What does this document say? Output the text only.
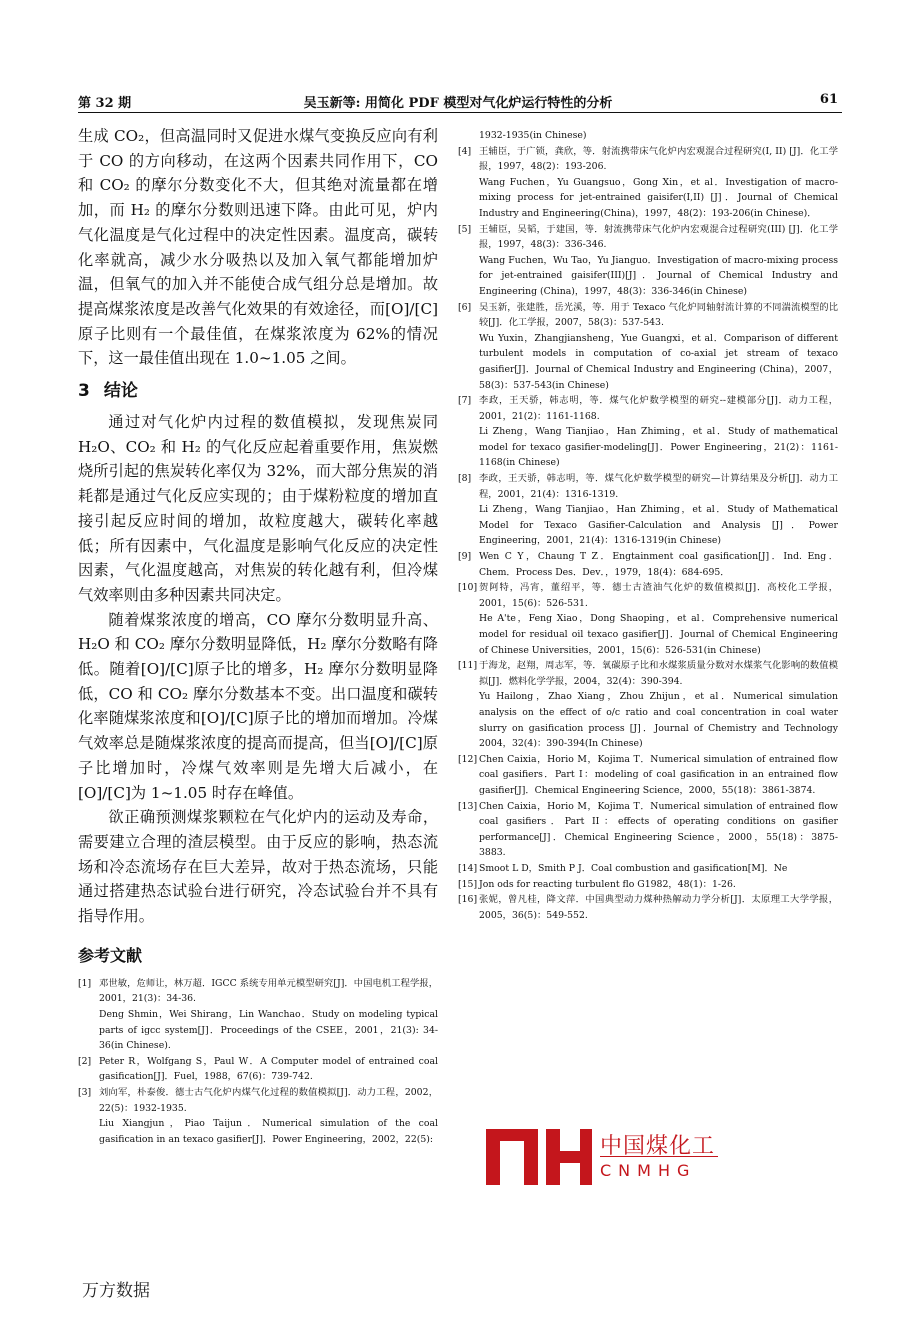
第 32 期	吴玉新等: 用简化 PDF 模型对气化炉运行特性的分析	61

生成 CO₂，但高温同时又促进水煤气变换反应向有利于 CO 的方向移动，在这两个因素共同作用下，CO 和 CO₂ 的摩尔分数变化不大，但其绝对流量都在增加，而 H₂ 的摩尔分数则迅速下降。由此可见，炉内气化温度是气化过程中的决定性因素。温度高，碳转化率就高，减少水分吸热以及加入氧气都能增加炉温，但氧气的加入并不能使合成气组分总是增加。故提高煤浆浓度是改善气化效果的有效途径，而[O]/[C]原子比则有一个最佳值，在煤浆浓度为 62%的情况下，这一最佳值出现在 1.0~1.05 之间。

3 结论

通过对气化炉内过程的数值模拟，发现焦炭同 H₂O、CO₂ 和 H₂ 的气化反应起着重要作用，焦炭燃烧所引起的焦炭转化率仅为 32%，而大部分焦炭的消耗都是通过气化反应实现的；由于煤粉粒度的增加直接引起反应时间的增加，故粒度越大，碳转化率越低；所有因素中，气化温度是影响气化反应的决定性因素，气化温度越高，对焦炭的转化越有利，但冷煤气效率则由多种因素共同决定。

随着煤浆浓度的增高，CO 摩尔分数明显升高、H₂O 和 CO₂ 摩尔分数明显降低，H₂ 摩尔分数略有降低。随着[O]/[C]原子比的增多，H₂ 摩尔分数明显降低，CO 和 CO₂ 摩尔分数基本不变。出口温度和碳转化率随煤浆浓度和[O]/[C]原子比的增加而增加。冷煤气效率总是随煤浆浓度的提高而提高，但当[O]/[C]原子比增加时，冷煤气效率则是先增大后减小，在 [O]/[C]为 1~1.05 时存在峰值。

欲正确预测煤浆颗粒在气化炉内的运动及寿命，需要建立合理的渣层模型。由于反应的影响，热态流场和冷态流场存在巨大差异，故对于热态流场，只能通过搭建热态试验台进行研究，冷态试验台并不具有指导作用。

参考文献
[1] 邓世敏，危师让，林万超．IGCC 系统专用单元模型研究[J]．中国电机工程学报，2001，21(3)：34-36.
Deng Shmin，Wei Shirang，Lin Wanchao．Study on modeling typical parts of igcc system[J]．Proceedings of the CSEE，2001，21(3): 34-36(in Chinese).
[2] Peter R，Wolfgang S，Paul W．A Computer model of entrained coal gasification[J]．Fuel，1988，67(6)：739-742.
[3] 刘向军，朴泰俊．德士古气化炉内煤气化过程的数值模拟[J]．动力工程，2002，22(5)：1932-1935.
Liu Xiangjun，Piao Taijun．Numerical simulation of the coal gasification in an texaco gasifier[J]．Power Engineering，2002，22(5):
1932-1935(in Chinese)
[4] 王辅臣，于广锁，龚欣，等．射流携带床气化炉内宏观混合过程研究(I, II) [J]．化工学报，1997，48(2)：193-206.
Wang Fuchen，Yu Guangsuo，Gong Xin，et al．Investigation of macro-mixing process for jet-entrained gaisifer(I,II) [J]．Journal of Chemical Industry and Engineering(China)，1997，48(2)：193-206(in Chinese)．
[5] 王辅臣，吴韬，于建国，等．射流携带床气化炉内宏观混合过程研究(III) [J]．化工学报，1997，48(3)：336-346.
Wang Fuchen，Wu Tao，Yu Jianguo．Investigation of macro-mixing process for jet-entrained gaisifer(III)[J]．Journal of Chemical Industry and Engineering (China)，1997，48(3)：336-346(in Chinese)
[6] 吴玉新，张建胜，岳光溪，等．用于 Texaco 气化炉同轴射流计算的不同湍流模型的比较[J]．化工学报，2007，58(3)：537-543.
Wu Yuxin，Zhangjiansheng，Yue Guangxi，et al．Comparison of different turbulent models in computation of co-axial jet stream of texaco gasifier[J]．Journal of Chemical Industry and Engineering (China)，2007，58(3)：537-543(in Chinese)
[7] 李政，王天骄，韩志明，等．煤气化炉数学模型的研究--建模部分[J]．动力工程，2001，21(2)：1161-1168.
Li Zheng，Wang Tianjiao，Han Zhiming，et al．Study of mathematical model for texaco gasifier-modeling[J]．Power Engineering，21(2)：1161-1168(in Chinese)
[8] 李政，王天骄，韩志明，等．煤气化炉数学模型的研究—计算结果及分析[J]．动力工程，2001，21(4)：1316-1319.
Li Zheng，Wang Tianjiao，Han Zhiming，et al．Study of Mathematical Model for Texaco Gasifier-Calculation and Analysis [J]．Power Engineering，2001，21(4)：1316-1319(in Chinese)
[9] Wen C Y，Chaung T Z．Engtainment coal gasification[J]．Ind. Eng．Chem．Process Des．Dev．，1979，18(4)：684-695．
[10] 贺阿特，冯宵，董绍平，等．德士古渣油气化炉的数值模拟[J]．高校化工学报，2001，15(6)：526-531.
He A'te，Feng Xiao，Dong Shaoping，et al．Comprehensive numerical model for residual oil texaco gasifier[J]．Journal of Chemical Engineering of Chinese Universities，2001，15(6)：526-531(in Chinese)
[11] 于海龙，赵翔，周志军，等．氧碳原子比和水煤浆质量分数对水煤浆气化影响的数值模拟[J]．燃料化学学报，2004，32(4)：390-394.
Yu Hailong，Zhao Xiang，Zhou Zhijun，et al．Numerical simulation analysis on the effect of o/c ratio and coal concentration in coal water slurry on gasification process [J]．Journal of Chemistry and Technology 2004，32(4)：390-394(In Chinese)
[12] Chen Caixia，Horio M，Kojima T．Numerical simulation of entrained flow coal gasifiers．Part I：modeling of coal gasification in an entrained flow gasifier[J]．Chemical Engineering Science，2000，55(18)：3861-3874.
[13] Chen Caixia，Horio M，Kojima T．Numerical simulation of entrained flow coal gasifiers．Part II：effects of operating conditions on gasifier performance[J]．Chemical Engineering Science，2000，55(18)：3875-3883.
[14] Smoot L D，Smith P J．Coal combustion and gasification[M]．Ne
[15] Jon ods for reacting turbulent flo G1982，48(1)：1-26.
[16] 张妮，曾凡桂，降文萍．中国典型动力煤种热解动力学分析[J]．太原理工大学学报，2005，36(5)：549-552.
中国煤化工
CNMHG
万方数据
